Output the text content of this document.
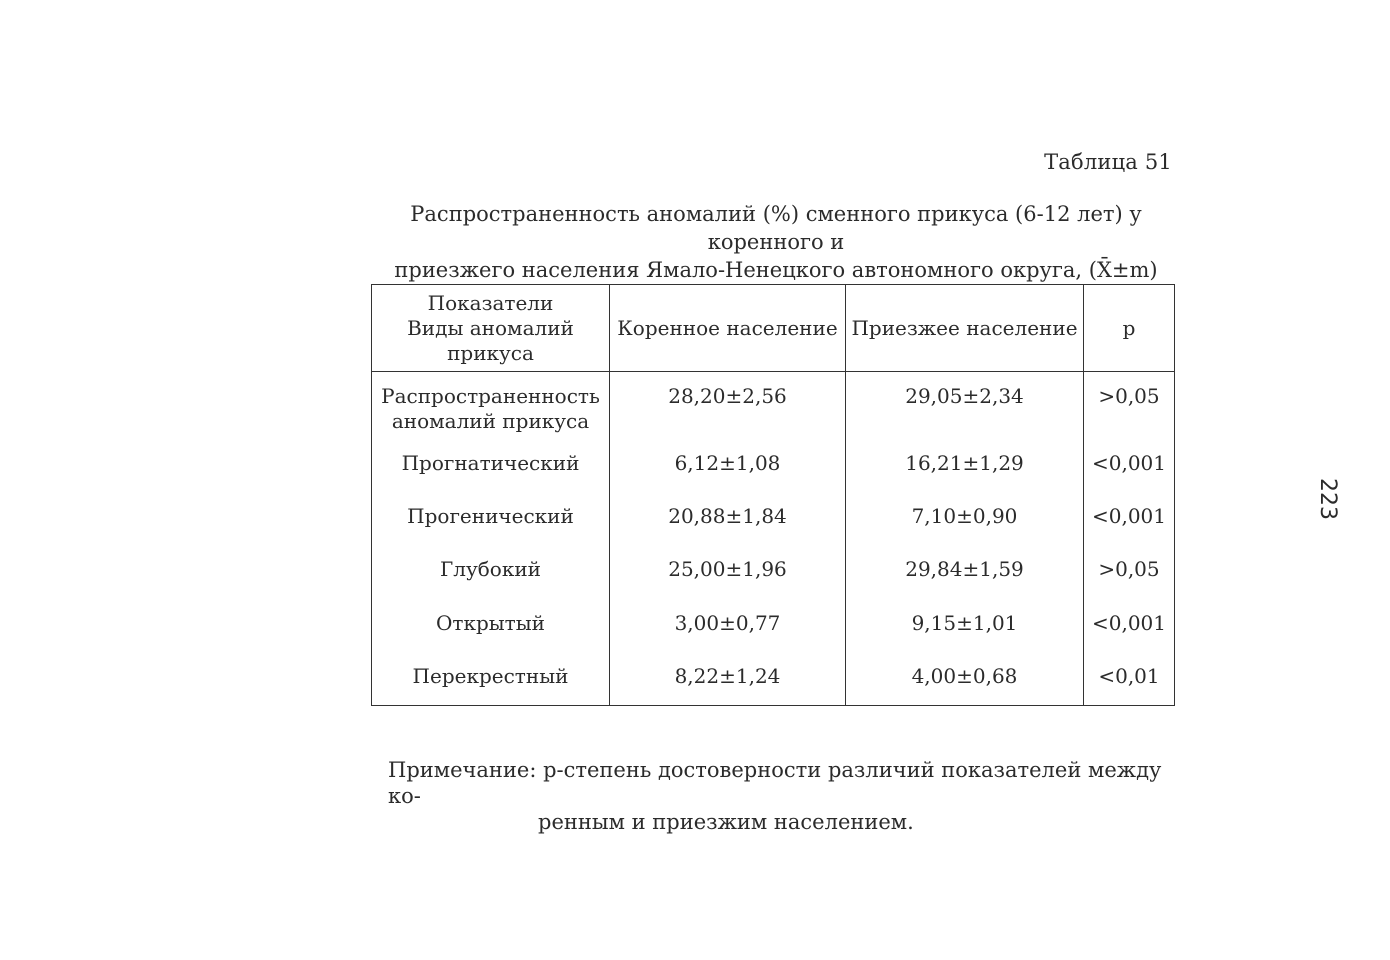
Таблица 51
Распространенность аномалий (%) сменного прикуса (6-12 лет) у коренного и
приезжего населения Ямало-Ненецкого автономного округа, (X̄±m)
Показатели
Виды аномалий
прикуса	Коренное население	Приезжее население	р

Распространенность
аномалий прикуса	28,20±2,56	29,05±2,34	>0,05
Прогнатический	6,12±1,08	16,21±1,29	<0,001
Прогенический	20,88±1,84	7,10±0,90	<0,001
Глубокий	25,00±1,96	29,84±1,59	>0,05
Открытый	3,00±0,77	9,15±1,01	<0,001
Перекрестный	8,22±1,24	4,00±0,68	<0,01
Примечание: р-степень достоверности различий показателей между ко-
ренным и приезжим населением.
223
